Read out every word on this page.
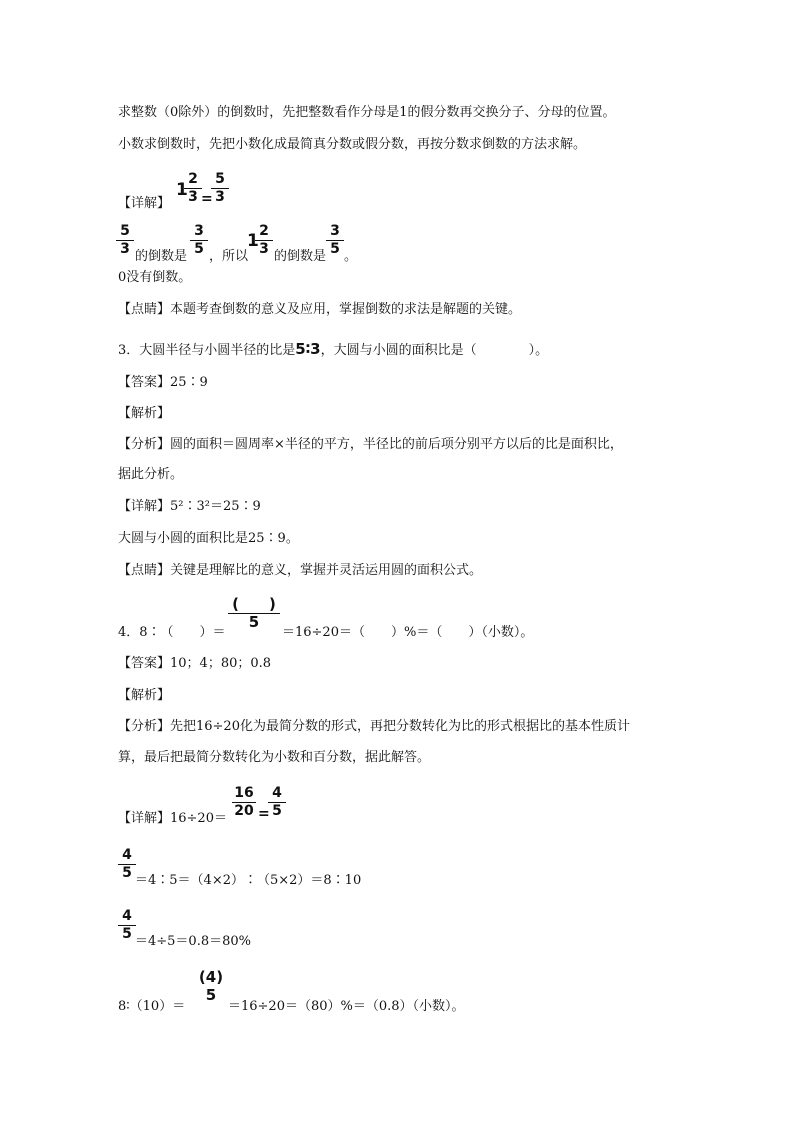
求整数（0除外）的倒数时，先把整数看作分母是1的假分数再交换分子、分母的位置。
小数求倒数时，先把小数化成最简真分数或假分数，再按分数求倒数的方法求解。
【详解】
1
2
3 =
5
3
5
3 的倒数是
3
5 ，所以
1 2
3 的倒数是
3
5 。
0没有倒数。
【点睛】本题考查倒数的意义及应用，掌握倒数的求法是解题的关键。
3．大圆半径与小圆半径的比是5∶3，大圆与小圆的面积比是（　　　　）。
【答案】25∶9
【解析】
【分析】圆的面积＝圆周率×半径的平方，半径比的前后项分别平方以后的比是面积比，
据此分析。
【详解】5²∶3²＝25∶9
大圆与小圆的面积比是25∶9。
【点睛】关键是理解比的意义，掌握并灵活运用圆的面积公式。
4．8∶（　　）＝
(　　)
5
＝16÷20＝（　　）%＝（　　）（小数）。
【答案】10；4；80；0.8
【解析】
【分析】先把16÷20化为最简分数的形式，再把分数转化为比的形式根据比的基本性质计
算，最后把最简分数转化为小数和百分数，据此解答。
【详解】16÷20＝
16
20 =
4
5
4
5 ＝4∶5＝（4×2）∶（5×2）＝8∶10
4
5 ＝4÷5＝0.8＝80%
8∶（10）＝
(4)
5
＝16÷20＝（80）%＝（0.8）（小数）。
